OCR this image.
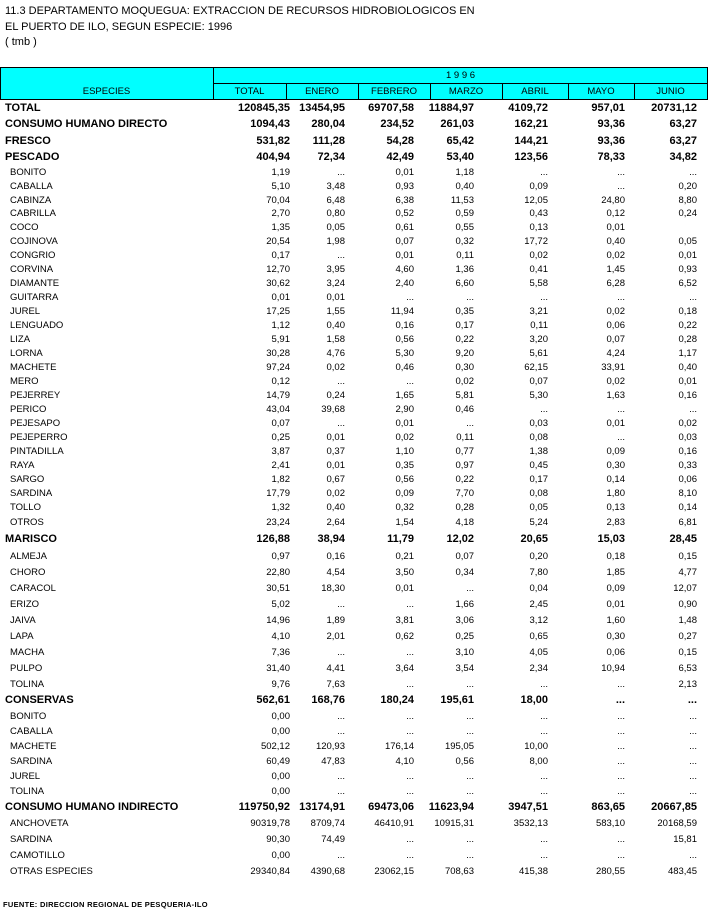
11.3 DEPARTAMENTO MOQUEGUA: EXTRACCION DE RECURSOS HIDROBIOLOGICOS EN
EL PUERTO DE ILO, SEGUN ESPECIE: 1996
( tmb )
ESPECIES
1 9 9 6
TOTAL	ENERO	FEBRERO	MARZO	ABRIL	MAYO	JUNIO
TOTAL	120845,35 13454,95	69707,58	11884,97	4109,72	957,01	20731,12
CONSUMO HUMANO DIRECTO	1094,43	280,04	234,52	261,03	162,21	93,36	63,27
FRESCO	531,82	111,28	54,28	65,42	144,21	93,36	63,27
PESCADO	404,94	72,34	42,49	53,40	123,56	78,33	34,82
BONITO	1,19	...	0,01	1,18	...	...	...
CABALLA	5,10	3,48	0,93	0,40	0,09	...	0,20
CABINZA	70,04	6,48	6,38	11,53	12,05	24,80	8,80
CABRILLA	2,70	0,80	0,52	0,59	0,43	0,12	0,24
COCO	1,35	0,05	0,61	0,55	0,13	0,01
COJINOVA	20,54	1,98	0,07	0,32	17,72	0,40	0,05
CONGRIO	0,17	...	0,01	0,11	0,02	0,02	0,01
CORVINA	12,70	3,95	4,60	1,36	0,41	1,45	0,93
DIAMANTE	30,62	3,24	2,40	6,60	5,58	6,28	6,52
GUITARRA	0,01	0,01	...	...	...	...	...
JUREL	17,25	1,55	11,94	0,35	3,21	0,02	0,18
LENGUADO	1,12	0,40	0,16	0,17	0,11	0,06	0,22
LIZA	5,91	1,58	0,56	0,22	3,20	0,07	0,28
LORNA	30,28	4,76	5,30	9,20	5,61	4,24	1,17
MACHETE	97,24	0,02	0,46	0,30	62,15	33,91	0,40
MERO	0,12	...	...	0,02	0,07	0,02	0,01
PEJERREY	14,79	0,24	1,65	5,81	5,30	1,63	0,16
PERICO	43,04	39,68	2,90	0,46	...	...	...
PEJESAPO	0,07	...	0,01	...	0,03	0,01	0,02
PEJEPERRO	0,25	0,01	0,02	0,11	0,08	...	0,03
PINTADILLA	3,87	0,37	1,10	0,77	1,38	0,09	0,16
RAYA	2,41	0,01	0,35	0,97	0,45	0,30	0,33
SARGO	1,82	0,67	0,56	0,22	0,17	0,14	0,06
SARDINA	17,79	0,02	0,09	7,70	0,08	1,80	8,10
TOLLO	1,32	0,40	0,32	0,28	0,05	0,13	0,14
OTROS	23,24	2,64	1,54	4,18	5,24	2,83	6,81
MARISCO	126,88	38,94	11,79	12,02	20,65	15,03	28,45
ALMEJA	0,97	0,16	0,21	0,07	0,20	0,18	0,15
CHORO	22,80	4,54	3,50	0,34	7,80	1,85	4,77
CARACOL	30,51	18,30	0,01	...	0,04	0,09	12,07
ERIZO	5,02	...	...	1,66	2,45	0,01	0,90
JAIVA	14,96	1,89	3,81	3,06	3,12	1,60	1,48
LAPA	4,10	2,01	0,62	0,25	0,65	0,30	0,27
MACHA	7,36	...	...	3,10	4,05	0,06	0,15
PULPO	31,40	4,41	3,64	3,54	2,34	10,94	6,53
TOLINA	9,76	7,63	...	...	...	...	2,13
CONSERVAS	562,61	168,76	180,24	195,61	18,00	...	...
BONITO	0,00	...	...	...	...	...	...
CABALLA	0,00	...	...	...	...	...	...
MACHETE	502,12	120,93	176,14	195,05	10,00	...	...
SARDINA	60,49	47,83	4,10	0,56	8,00	...	...
JUREL	0,00	...	...	...	...	...	...
TOLINA	0,00	...	...	...	...	...	...
CONSUMO HUMANO INDIRECTO	119750,92 13174,91	69473,06	11623,94	3947,51	863,65	20667,85
ANCHOVETA	90319,78	8709,74	46410,91	10915,31	3532,13	583,10	20168,59
SARDINA	90,30	74,49	...	...	...	...	15,81
CAMOTILLO	0,00	...	...	...	...	...	...
OTRAS ESPECIES	29340,84	4390,68	23062,15	708,63	415,38	280,55	483,45
FUENTE: DIRECCION REGIONAL DE PESQUERIA-ILO
